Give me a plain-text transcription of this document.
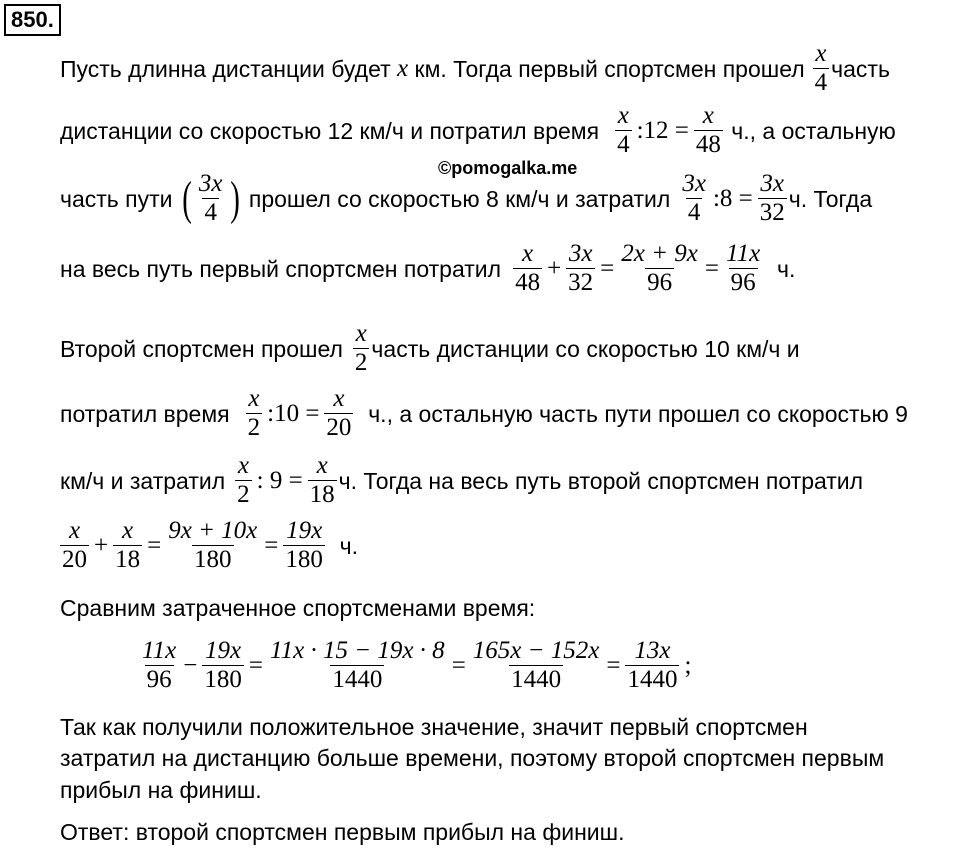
850.
Пусть длинна дистанции будет
x
км. Тогда первый спортсмен прошел $\frac{x}{4}$ часть
дистанции со скоростью 12 км/ч и потратил время $\frac{x}{4}$ :12 = $\frac{x}{48}$
ч., а остальную
©pomogalka.me
часть пути
( $\frac{3x}{4}$ )
прошел со скоростью 8 км/ч и затратил $\frac{3x}{4}$ :8 = $\frac{3x}{32} ч$. Тогда
на весь путь первый спортсмен потратил $\frac{x}{48} + \frac{3x}{32} = \frac{2x + 9x}{96} = \frac{11x}{96}$
ч.
Второй спортсмен прошел $\frac{x}{2}$ часть дистанции со скоростью 10 км/ч и
потратил время $\frac{x}{2}$ :10 = $\frac{x}{20}$
ч., а остальную часть пути прошел со скоростью 9
км/ч и затратил $\frac{x}{2}$ : $9 = \frac{x}{18} ч$. Тогда на весь путь второй спортсмен потратил
$\frac{x}{20} + \frac{x}{18} = \frac{9x + 10x}{180} = \frac{19x}{180}$
ч.
Сравним затраченное спортсменами время:
$\frac{11x}{96} - \frac{19x}{180} = \frac{11x \cdot 15 - 19x \cdot 8}{1440} = \frac{165x - 152x}{1440} = \frac{13x}{1440}$ ;
Так как получили положительное значение, значит первый спортсмен
затратил на дистанцию больше времени, поэтому второй спортсмен первым
прибыл на финиш.
Ответ: второй спортсмен первым прибыл на финиш.
